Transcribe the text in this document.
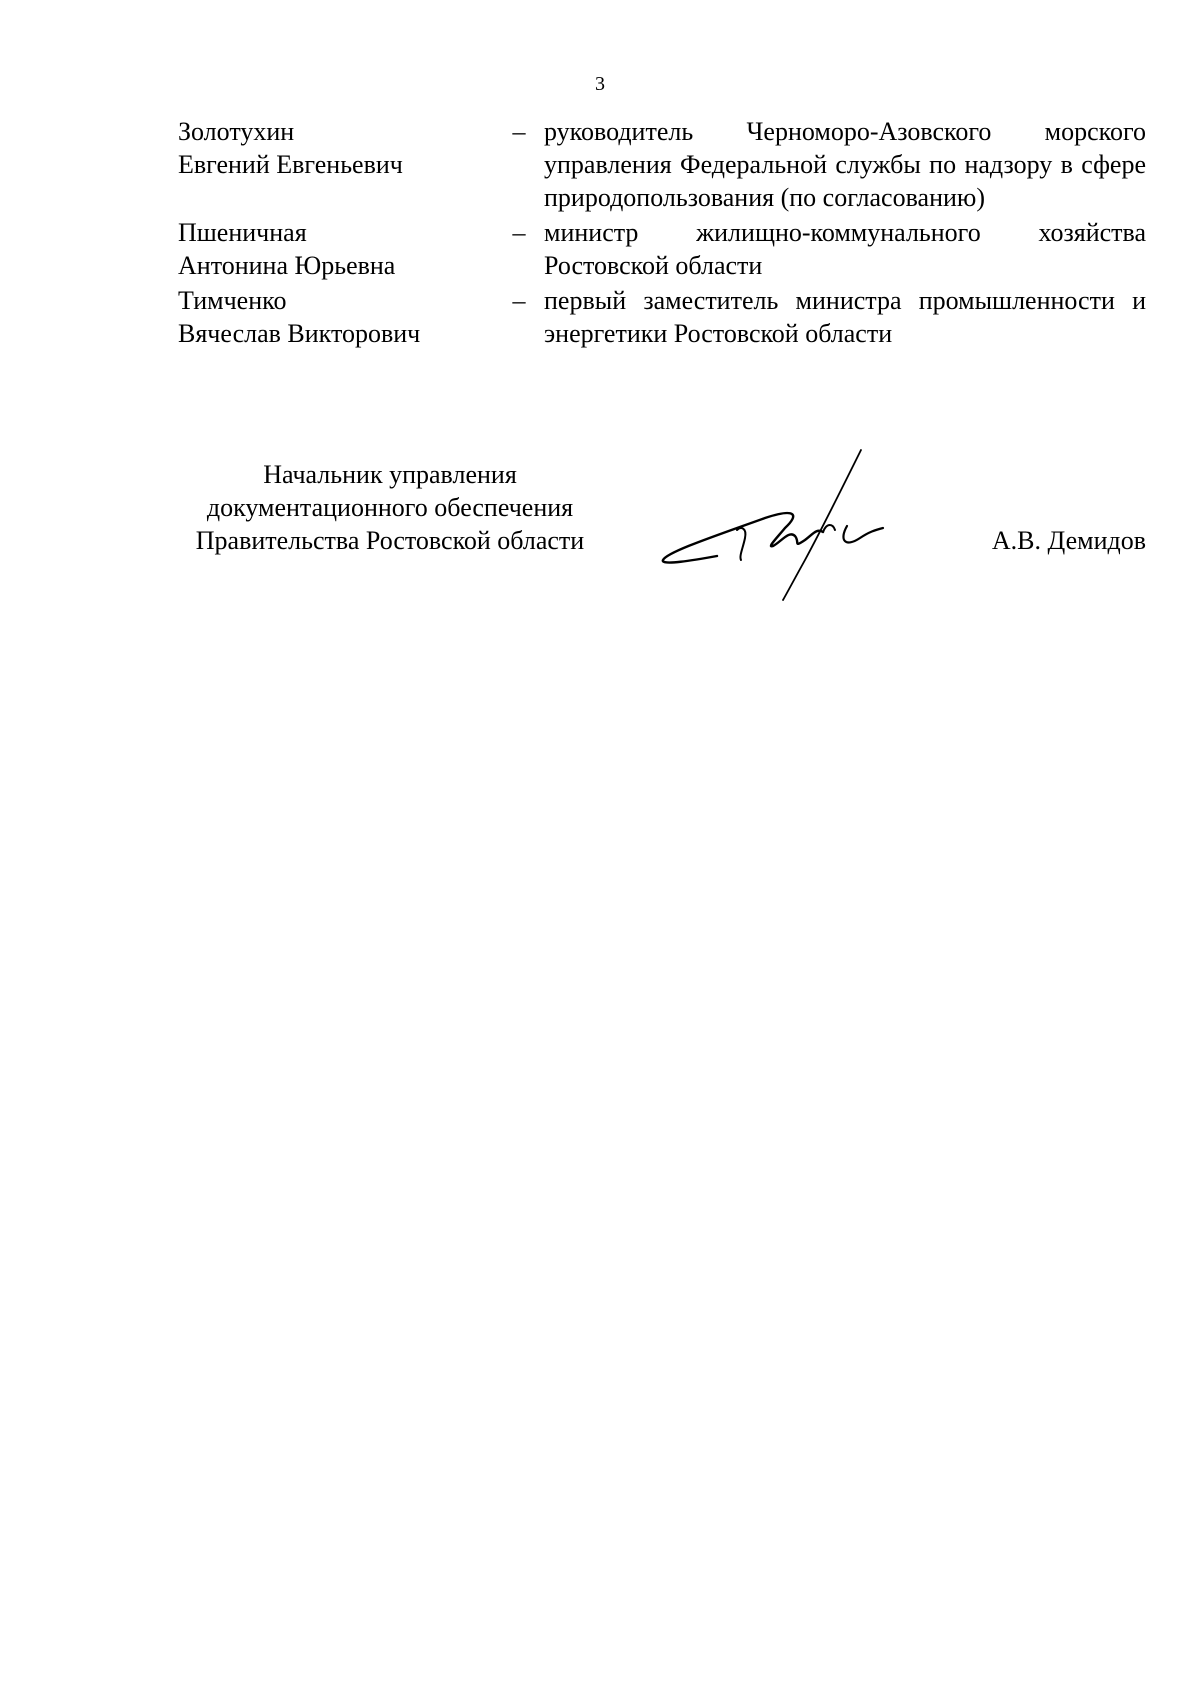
3
Золотухин
Евгений Евгеньевич
– руководитель Черноморо-Азовского морского управления Федеральной службы по надзору в сфере природопользования (по согласованию)
Пшеничная
Антонина Юрьевна
– министр жилищно-коммунального хозяйства Ростовской области
Тимченко
Вячеслав Викторович
– первый заместитель министра промышленности и энергетики Ростовской области
Начальник управления
документационного обеспечения
Правительства Ростовской области	А.В. Демидов
